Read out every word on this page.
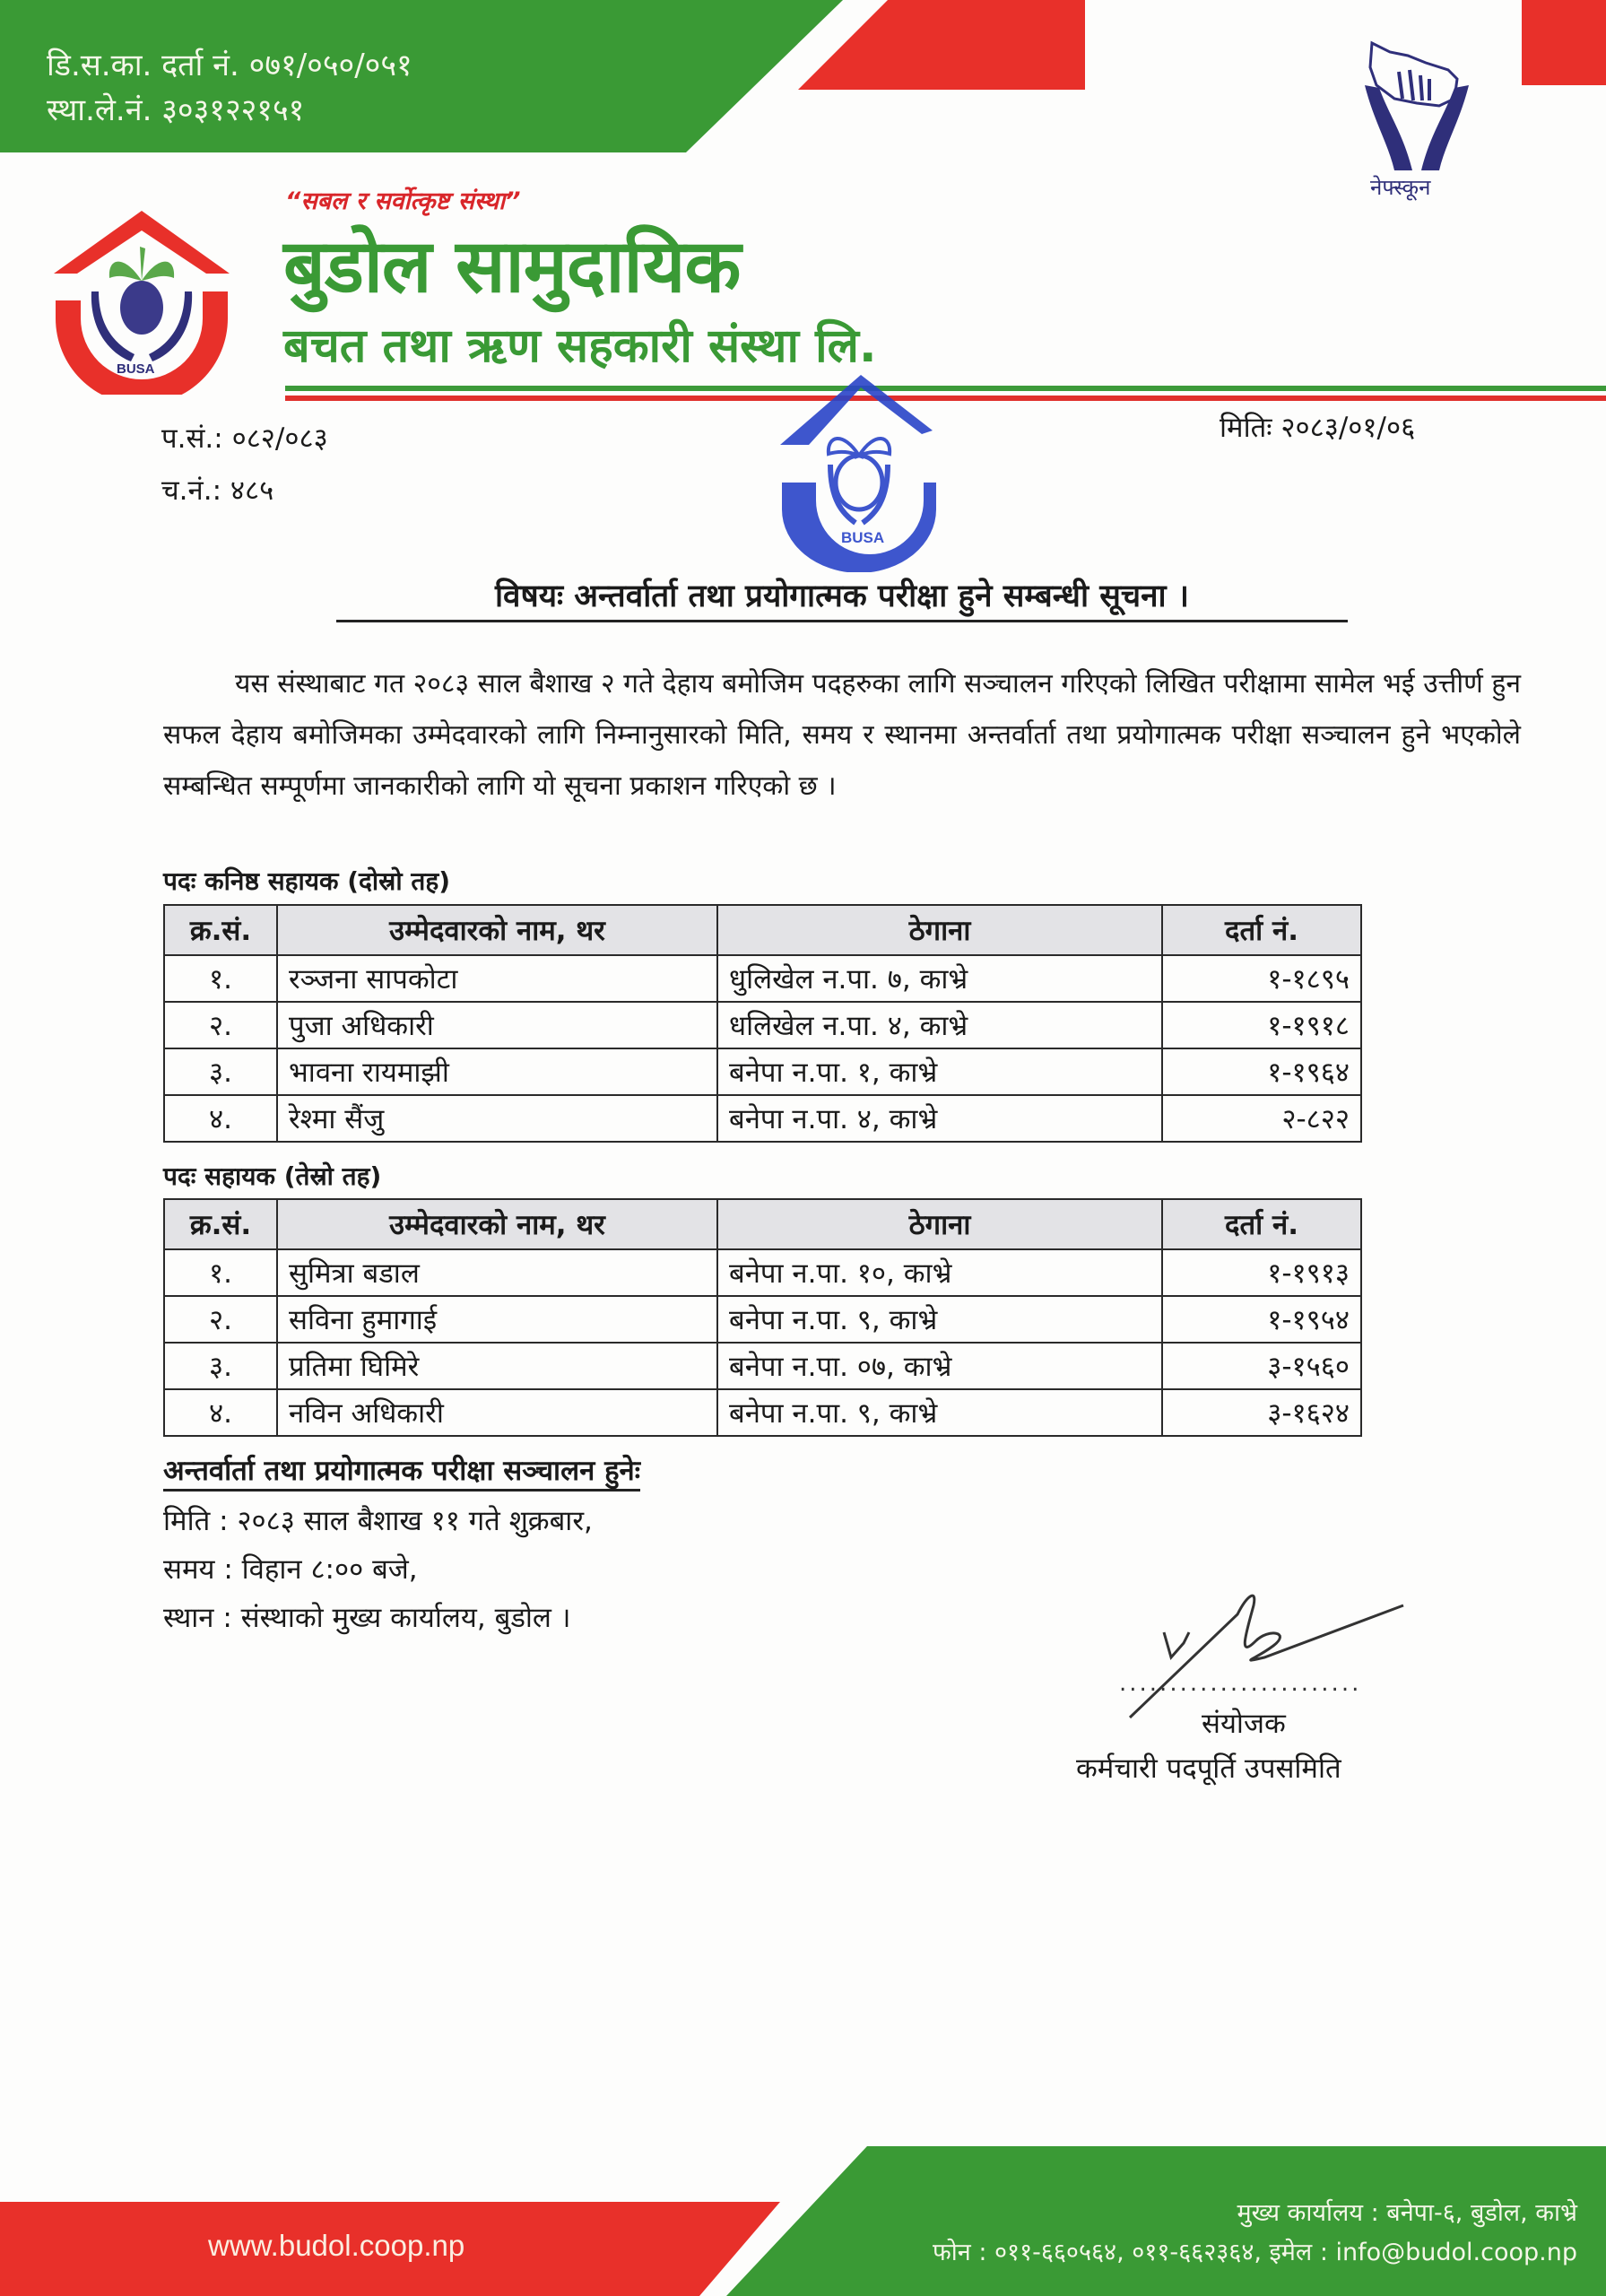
डि.स.का. दर्ता नं. ०७१/०५०/०५१
स्था.ले.नं. ३०३१२२१५१
BUSA
नेफ्स्कून
“सबल र सर्वोत्कृष्ट संस्था”
बुडोल सामुदायिक
बचत तथा ऋण सहकारी संस्था लि.
प.सं.: ०८२/०८३
च.नं.: ४८५
मितिः २०८३/०१/०६
BUSA
विषयः अन्तर्वार्ता तथा प्रयोगात्मक परीक्षा हुने सम्बन्धी सूचना ।
यस संस्थाबाट गत २०८३ साल बैशाख २ गते देहाय बमोजिम पदहरुका लागि सञ्चालन गरिएको लिखित परीक्षामा सामेल भई उत्तीर्ण हुन सफल देहाय बमोजिमका उम्मेदवारको लागि निम्नानुसारको मिति, समय र स्थानमा अन्तर्वार्ता तथा प्रयोगात्मक परीक्षा सञ्चालन हुने भएकोले सम्बन्धित सम्पूर्णमा जानकारीको लागि यो सूचना प्रकाशन गरिएको छ ।
पदः कनिष्ठ सहायक (दोस्रो तह)
क्र.सं.	उम्मेदवारको नाम, थर	ठेगाना	दर्ता नं.
१.	रञ्जना सापकोटा	धुलिखेल न.पा. ७, काभ्रे	१-१८९५
२.	पुजा अधिकारी	धलिखेल न.पा. ४, काभ्रे	१-१९१८
३.	भावना रायमाझी	बनेपा न.पा. १, काभ्रे	१-१९६४
४.	रेश्मा सैंजु	बनेपा न.पा. ४, काभ्रे	२-८२२
पदः सहायक (तेस्रो तह)
क्र.सं.	उम्मेदवारको नाम, थर	ठेगाना	दर्ता नं.
१.	सुमित्रा बडाल	बनेपा न.पा. १०, काभ्रे	१-१९१३
२.	सविना हुमागाई	बनेपा न.पा. ९, काभ्रे	१-१९५४
३.	प्रतिमा घिमिरे	बनेपा न.पा. ०७, काभ्रे	३-१५६०
४.	नविन अधिकारी	बनेपा न.पा. ९, काभ्रे	३-१६२४
अन्तर्वार्ता तथा प्रयोगात्मक परीक्षा सञ्चालन हुनेः
मिति : २०८३ साल बैशाख ११ गते शुक्रबार,
समय : विहान ८:०० बजे,
स्थान : संस्थाको मुख्य कार्यालय, बुडोल ।
........................
संयोजक
कर्मचारी पदपूर्ति उपसमिति
www.budol.coop.np
मुख्य कार्यालय : बनेपा-६, बुडोल, काभ्रे
फोन : ०११-६६०५६४, ०११-६६२३६४, इमेल : info@budol.coop.np
